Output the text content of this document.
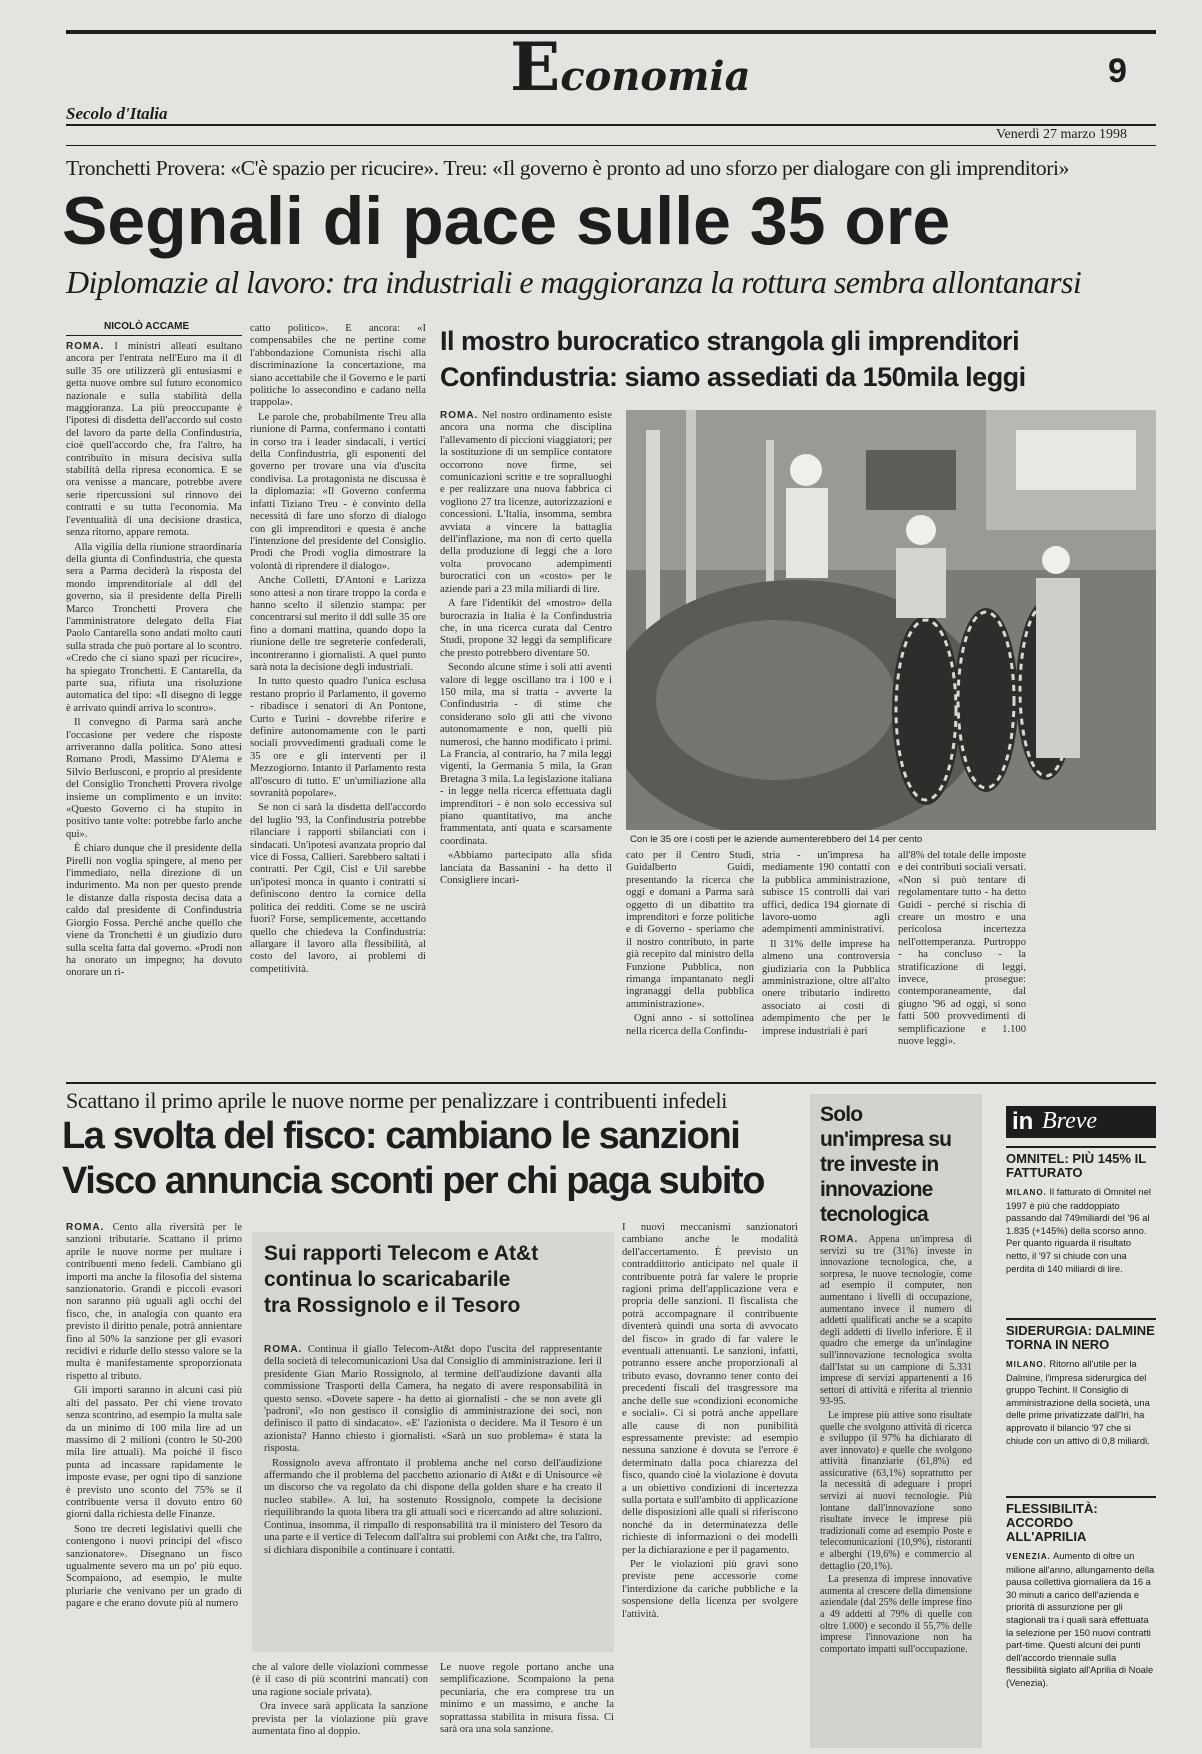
Economia	9
Secolo d'Italia
Venerdì 27 marzo 1998
Tronchetti Provera: «C'è spazio per ricucire». Treu: «Il governo è pronto ad uno sforzo per dialogare con gli imprenditori»
Segnali di pace sulle 35 ore
Diplomazie al lavoro: tra industriali e maggioranza la rottura sembra allontanarsi
NICOLÒ ACCAME

ROMA. I ministri alleati esultano ancora per l'entrata nell'Euro ma il dl sulle 35 ore utilizzerà gli entusiasmi e getta nuove ombre sul futuro economico nazionale e sulla stabilità della maggioranza. La più preoccupante è l'ipotesi di disdetta dell'accordo sul costo del lavoro da parte della Confindustria, cioè quell'accordo che, fra l'altro, ha contribuito in misura decisiva sulla stabilità della ripresa economica. E se ora venisse a mancare, potrebbe avere serie ripercussioni sul rinnovo dei contratti e su tutta l'economia. Ma l'eventualità di una decisione drastica, senza ritorno, appare remota.

Alla vigilia della riunione straordinaria della giunta di Confindustria, che questa sera a Parma deciderà la risposta del mondo imprenditoriale al ddl del governo, sia il presidente della Pirelli Marco Tronchetti Provera che l'amministratore delegato della Fiat Paolo Cantarella sono andati molto cauti sulla strada che può portare al lo scontro. «Credo che ci siano spazi per ricucire», ha spiegato Tronchetti. E Cantarella, da parte sua, rifiuta una risoluzione automatica del tipo: «Il disegno di legge è arrivato quindi arriva lo scontro».

Il convegno di Parma sarà anche l'occasione per vedere che risposte arriveranno dalla politica. Sono attesi Romano Prodi, Massimo D'Alema e Silvio Berlusconi, e proprio al presidente del Consiglio Tronchetti Provera rivolge insieme un complimento e un invito: «Questo Governo ci ha stupito in positivo tante volte: potrebbe farlo anche qui».

È chiaro dunque che il presidente della Pirelli non voglia spingere, al meno per l'immediato, nella direzione di un indurimento. Ma non per questo prende le distanze dalla risposta decisa data a caldo dal presidente di Confindustria Giorgio Fossa. Perché anche quello che viene da Tronchetti è un giudizio duro sulla scelta fatta dal governo. «Prodi non ha onorato un impegno; ha dovuto onorare un ri-

catto politico». E ancora: «I compensabiles che ne pertine come l'abbondazione Comunista rischi alla discriminazione la concertazione, ma siano accettabile che il Governo e le parti politiche lo assecondino e cadano nella trappola».

Le parole che, probabilmente Treu alla riunione di Parma, confermano i contatti in corso tra i leader sindacali, i vertici della Confindustria, gli esponenti del governo per trovare una via d'uscita condivisa. La protagonista ne discussa è la diplomazia: «Il Governo conferma infatti Tiziano Treu - è convinto della necessità di fare uno sforzo di dialogo con gli imprenditori e questa è anche l'intenzione del presidente del Consiglio. Prodi che Prodi voglia dimostrare la volontà di riprendere il dialogo».

Anche Colletti, D'Antoni e Larizza sono attesi a non tirare troppo la corda e hanno scelto il silenzio stampa: per concentrarsi sul merito il ddl sulle 35 ore fino a domani mattina, quando dopo la riunione delle tre segreterie confederali, incontreranno i giornalisti. A quel punto sarà nota la decisione degli industriali.

In tutto questo quadro l'unica esclusa restano proprio il Parlamento, il governo - ribadisce i senatori di An Pontone, Curto e Turini - dovrebbe riferire e definire autonomamente con le parti sociali provvedimenti graduali come le 35 ore e gli interventi per il Mezzogiorno. Intanto il Parlamento resta all'oscuro di tutto. E' un'umiliazione alla sovranità popolare».

Se non ci sarà la disdetta dell'accordo del luglio '93, la Confindustria potrebbe rilanciare i rapporti sbilanciati con i sindacati. Un'ipotesi avanzata proprio dal vice di Fossa, Callieri. Sarebbero saltati i contratti. Per Cgil, Cisl e Uil sarebbe un'ipotesi monca in quanto i contratti si definiscono dentro la cornice della politica dei redditi. Come se ne uscirà fuori? Forse, semplicemente, accettando quello che chiedeva la Confindustria: allargare il lavoro alla flessibilità, al costo del lavoro, ai problemi di competitività.

Il mostro burocratico strangola gli imprenditori
Confindustria: siamo assediati da 150mila leggi

ROMA. Nel nostro ordinamento esiste ancora una norma che disciplina l'allevamento di piccioni viaggiatori; per la sostituzione di un semplice contatore occorrono nove firme, sei comunicazioni scritte e tre sopralluoghi e per realizzare una nuova fabbrica ci vogliono 27 tra licenze, autorizzazioni e concessioni. L'Italia, insomma, sembra avviata a vincere la battaglia dell'inflazione, ma non di certo quella della produzione di leggi che a loro volta provocano adempimenti burocratici con un «costo» per le aziende pari a 23 mila miliardi di lire.

A fare l'identikit del «mostro» della burocrazia in Italia è la Confindustria che, in una ricerca curata dal Centro Studi, propone 32 leggi da semplificare che presto potrebbero diventare 50.

Secondo alcune stime i soli atti aventi valore di legge oscillano tra i 100 e i 150 mila, ma si tratta - avverte la Confindustria - di stime che considerano solo gli atti che vivono autonomamente e non, quelli più numerosi, che hanno modificato i primi. La Francia, al contrario, ha 7 mila leggi vigenti, la Germania 5 mila, la Gran Bretagna 3 mila. La legislazione italiana - in legge nella ricerca effettuata dagli imprenditori - è non solo eccessiva sul piano quantitativo, ma anche frammentata, anti quata e scarsamente coordinata.

«Abbiamo partecipato alla sfida lanciata da Bassanini - ha detto il Consigliere incari-

Con le 35 ore i costi per le aziende aumenterebbero del 14 per cento

cato per il Centro Studi, Guidalberto Guidi, presentando la ricerca che oggi e domani a Parma sarà oggetto di un dibattito tra imprenditori e forze politiche e di Governo - speriamo che il nostro contributo, in parte già recepito dal ministro della Funzione Pubblica, non rimanga impantanato negli ingranaggi della pubblica amministrazione».

Ogni anno - si sottolinea nella ricerca della Confindu-

stria - un'impresa ha mediamente 190 contatti con la pubblica amministrazione, subisce 15 controlli dai vari uffici, dedica 194 giornate di lavoro-uomo agli adempimenti amministrativi.

Il 31% delle imprese ha almeno una controversia giudiziaria con la Pubblica amministrazione, oltre all'alto onere tributario indiretto associato ai costi di adempimento che per le imprese industriali è pari

all'8% del totale delle imposte e dei contributi sociali versati. «Non si può tentare di regolamentare tutto - ha detto Guidi - perché si rischia di creare un mostro e una pericolosa incertezza nell'ottemperanza. Purtroppo - ha concluso - la stratificazione di leggi, invece, prosegue: contemporaneamente, dal giugno '96 ad oggi, si sono fatti 500 provvedimenti di semplificazione e 1.100 nuove leggi».

Scattano il primo aprile le nuove norme per penalizzare i contribuenti infedeli
La svolta del fisco: cambiano le sanzioni
Visco annuncia sconti per chi paga subito

ROMA. Cento alla riversità per le sanzioni tributarie. Scattano il primo aprile le nuove norme per multare i contribuenti meno fedeli. Cambiano gli importi ma anche la filosofia del sistema sanzionatorio. Grandi e piccoli evasori non saranno più uguali agli occhi del fisco, che, in analogia con quanto era previsto il diritto penale, potrà annientare fino al 50% la sanzione per gli evasori recidivi e ridurle dello stesso valore se la multa è manifestamente sproporzionata rispetto al tributo.

Gli importi saranno in alcuni casi più alti del passato. Per chi viene trovato senza scontrino, ad esempio la multa sale da un minimo di 100 mila lire ad un massimo di 2 milioni (contro le 50-200 mila lire attuali). Ma poiché il fisco punta ad incassare rapidamente le imposte evase, per ogni tipo di sanzione è previsto uno sconto del 75% se il contribuente versa il dovuto entro 60 giorni dalla richiesta delle Finanze.

Sono tre decreti legislativi quelli che contengono i nuovi principi del «fisco sanzionatore». Disegnano un fisco ugualmente severo ma un po' più equo. Scompaiono, ad esempio, le multe pluriarie che venivano per un grado di pagare e che erano dovute più al numero

Sui rapporti Telecom e At&t
continua lo scaricabarile
tra Rossignolo e il Tesoro

ROMA. Continua il giallo Telecom-At&t dopo l'uscita del rappresentante della società di telecomunicazioni Usa dal Consiglio di amministrazione. Ieri il presidente Gian Mario Rossignolo, al termine dell'audizione davanti alla commissione Trasporti della Camera, ha negato di avere responsabilità in questo senso. «Dovete sapere - ha detto ai giornalisti - che se non avete gli 'padroni', «Io non gestisco il consiglio di amministrazione dei soci, non definisco il patto di sindacato». «E' l'azionista o decidere. Ma il Tesoro è un azionista? Hanno chiesto i giornalisti. «Sarà un suo problema» è stata la risposta.

Rossignolo aveva affrontato il problema anche nel corso dell'audizione affermando che il problema del pacchetto azionario di At&t e di Unisource «è un discorso che va regolato da chi dispone della golden share e ha creato il nucleo stabile». A lui, ha sostenuto Rossignolo, compete la decisione riequilibrando la quota libera tra gli attuali soci e ricercando ad altre soluzioni. Continua, insomma, il rimpallo di responsabilità tra il ministero del Tesoro da una parte e il vertice di Telecom dall'altra sui problemi con At&t che, tra l'altro, si dichiara disponibile a continuare i contatti.

che al valore delle violazioni commesse (è il caso di più scontrini mancati) con una ragione sociale privata).

Ora invece sarà applicata la sanzione prevista per la violazione più grave aumentata fino al doppio.

Le nuove regole portano anche una semplificazione. Scompaiono la pena pecuniaria, che era comprese tra un minimo e un massimo, e anche la soprattassa stabilita in misura fissa. Ci sarà ora una sola sanzione.

I nuovi meccanismi sanzionatori cambiano anche le modalità dell'accertamento. È previsto un contraddittorio anticipato nel quale il contribuente potrà far valere le proprie ragioni prima dell'applicazione vera e propria delle sanzioni. Il fiscalista che potrà accompagnare il contribuente diventerà quindi una sorta di avvocato del fisco» in grado di far valere le eventuali attenuanti. Le sanzioni, infatti, potranno essere anche proporzionali al tributo evaso, dovranno tener conto dei precedenti fiscali del trasgressore ma anche delle sue «condizioni economiche e sociali». Ci si potrà anche appellare alle cause di non punibilità espressamente previste: ad esempio nessuna sanzione è dovuta se l'errore è determinato dalla poca chiarezza del fisco, quando cioè la violazione è dovuta a un obiettivo condizioni di incertezza sulla portata e sull'ambito di applicazione delle disposizioni alle quali si riferiscono nonché da in determinatezza delle richieste di informazioni o dei modelli per la dichiarazione e per il pagamento.

Per le violazioni più gravi sono previste pene accessorie come l'interdizione da cariche pubbliche e la sospensione della licenza per svolgere l'attività.

Solo un'impresa su tre investe in innovazione tecnologica

ROMA. Appena un'impresa di servizi su tre (31%) investe in innovazione tecnologica, che, a sorpresa, le nuove tecnologie, come ad esempio il computer, non aumentano i livelli di occupazione, aumentano invece il numero di addetti qualificati anche se a scapito degli addetti di livello inferiore. È il quadro che emerge da un'indagine sull'innovazione tecnologica svolta dall'Istat su un campione di 5.331 imprese di servizi appartenenti a 16 settori di attività e riferita al triennio 93-95.

Le imprese più attive sono risultate quelle che svolgono attività di ricerca e sviluppo (il 97% ha dichiarato di aver innovato) e quelle che svolgono attività finanziarie (61,8%) ed assicurative (63,1%) soprattutto per la necessità di adeguare i propri servizi ai nuovi tecnologie. Più lontane dall'innovazione sono risultate invece le imprese più tradizionali come ad esempio Poste e telecomunicazioni (10,9%), ristoranti e alberghi (19,6%) e commercio al dettaglio (20,1%).

La presenza di imprese innovative aumenta al crescere della dimensione aziendale (dal 25% delle imprese fino a 49 addetti al 79% di quelle con oltre 1.000) e secondo il 55,7% delle imprese l'innovazione non ha comportato impatti sull'occupazione.

in Breve
OMNITEL: PIÙ 145% IL FATTURATO
MILANO. Il fatturato di Omnitel nel 1997 è più che raddoppiato passando dal 749miliardi del '96 al 1.835 (+145%) della scorso anno. Per quanto riguarda il risultato netto, il '97 si chiude con una perdita di 140 miliardi di lire.
SIDERURGIA: DALMINE TORNA IN NERO
MILANO. Ritorno all'utile per la Dalmine, l'impresa siderurgica del gruppo Techint. Il Consiglio di amministrazione della società, una delle prime privatizzate dall'Iri, ha approvato il bilancio '97 che si chiude con un attivo di 0,8 miliardi.
FLESSIBILITÀ: ACCORDO ALL'APRILIA
VENEZIA. Aumento di oltre un milione all'anno, allungamento della pausa collettiva giornaliera da 16 a 30 minuti a carico dell'azienda e priorità di assunzione per gli stagionali tra i quali sarà effettuata la selezione per 150 nuovi contratti part-time. Questi alcuni dei punti dell'accordo triennale sulla flessibilità siglato all'Aprilia di Noale (Venezia).
